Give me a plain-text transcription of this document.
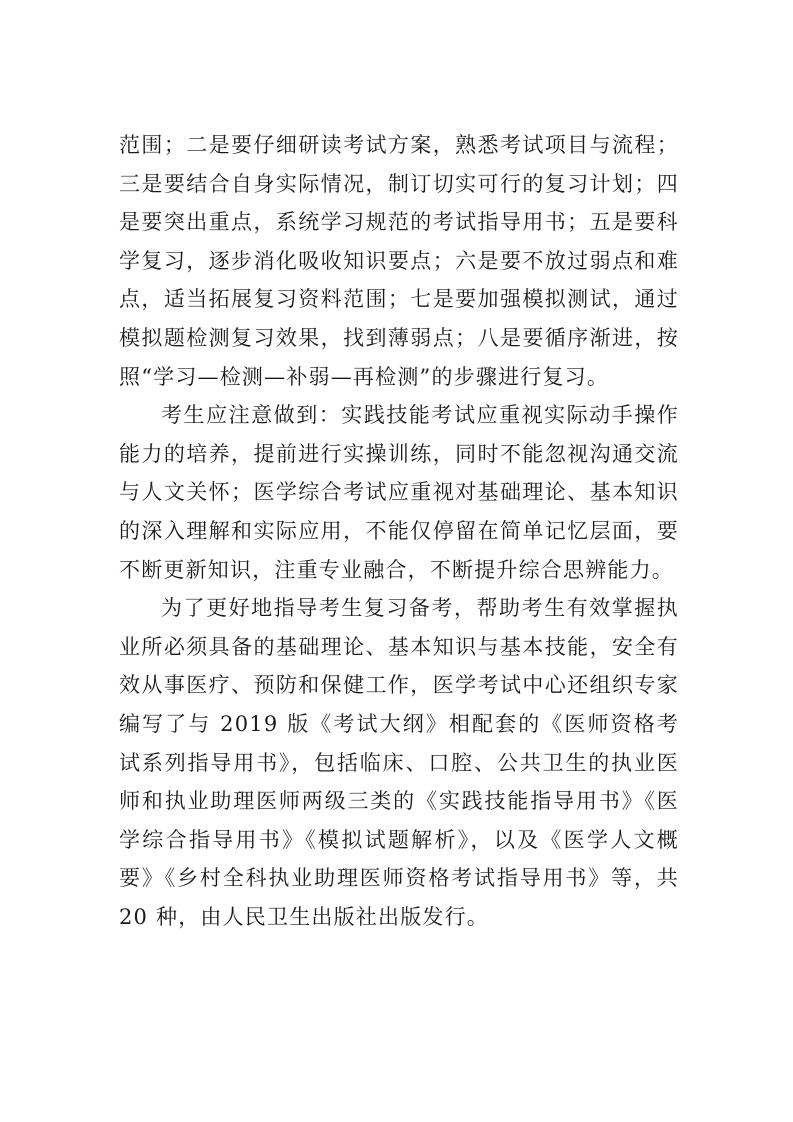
范围；二是要仔细研读考试方案，熟悉考试项目与流程；三是要结合自身实际情况，制订切实可行的复习计划；四是要突出重点，系统学习规范的考试指导用书；五是要科学复习，逐步消化吸收知识要点；六是要不放过弱点和难点，适当拓展复习资料范围；七是要加强模拟测试，通过模拟题检测复习效果，找到薄弱点；八是要循序渐进，按照“学习—检测—补弱—再检测”的步骤进行复习。

考生应注意做到：实践技能考试应重视实际动手操作能力的培养，提前进行实操训练，同时不能忽视沟通交流与人文关怀；医学综合考试应重视对基础理论、基本知识的深入理解和实际应用，不能仅停留在简单记忆层面，要不断更新知识，注重专业融合，不断提升综合思辨能力。

为了更好地指导考生复习备考，帮助考生有效掌握执业所必须具备的基础理论、基本知识与基本技能，安全有效从事医疗、预防和保健工作，医学考试中心还组织专家编写了与 2019 版《考试大纲》相配套的《医师资格考试系列指导用书》，包括临床、口腔、公共卫生的执业医师和执业助理医师两级三类的《实践技能指导用书》《医学综合指导用书》《模拟试题解析》，以及《医学人文概要》《乡村全科执业助理医师资格考试指导用书》等，共 20 种，由人民卫生出版社出版发行。
